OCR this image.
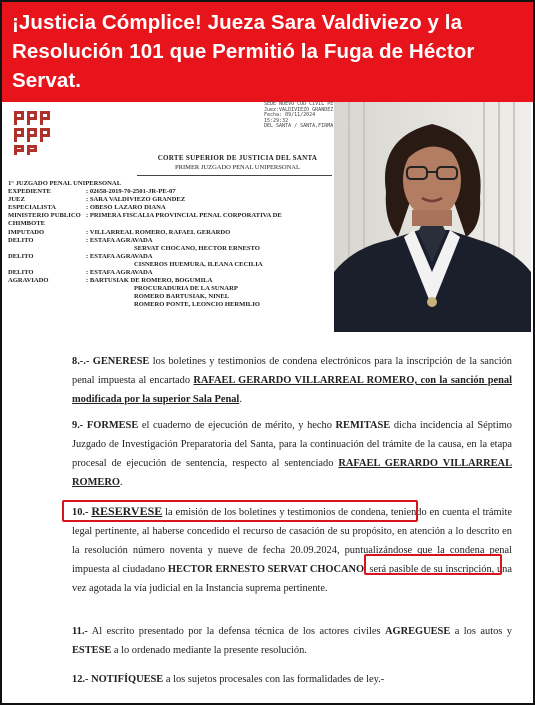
¡Justicia Cómplice! Jueza Sara Valdiviezo y la Resolución 101 que Permitió la Fuga de Héctor Servat.
SEDE NUEVO COD CIVIL PE
Juez:VALDIVIEZO GRANDEZ
Fecha: 09/11/2024 15:29:32
DEL SANTA / SANTA,FIRMA
CORTE SUPERIOR DE JUSTICIA DEL SANTA
PRIMER JUZGADO PENAL UNIPERSONAL
1° JUZGADO PENAL UNIPERSONAL
EXPEDIENTE	: 02658-2019-70-2501-JR-PE-07
JUEZ	: SARA VALDIVIEZO GRANDEZ
ESPECIALISTA	: OBESO LAZARO DIANA
MINISTERIO PUBLICO : PRIMERA FISCALIA PROVINCIAL PENAL CORPORATIVA DE
CHIMBOTE
IMPUTADO	: VILLARREAL ROMERO, RAFAEL GERARDO
DELITO	: ESTAFA AGRAVADA
SERVAT CHOCANO, HECTOR ERNESTO
DELITO	: ESTAFA AGRAVADA
CISNEROS HUEMURA, ILEANA CECILIA
DELITO	: ESTAFA AGRAVADA
AGRAVIADO	: BARTUSIAK DE ROMERO, BOGUMILA
PROCURADURIA DE LA SUNARP
ROMERO BARTUSIAK, NINEL
ROMERO PONTE, LEONCIO HERMILIO
8.-.- GENERESE los boletines y testimonios de condena electrónicos para la inscripción de la sanción penal impuesta al encartado RAFAEL GERARDO VILLARREAL ROMERO, con la sanción penal modificada por la superior Sala Penal.
9.- FORMESE el cuaderno de ejecución de mérito, y hecho REMITASE dicha incidencia al Séptimo Juzgado de Investigación Preparatoria del Santa, para la continuación del trámite de la causa, en la etapa procesal de ejecución de sentencia, respecto al sentenciado RAFAEL GERARDO VILLARREAL ROMERO.
10.- RESERVESE la emisión de los boletines y testimonios de condena, teniendo en cuenta el trámite legal pertinente, al haberse concedido el recurso de casación de su propósito, en atención a lo descrito en la resolución número noventa y nueve de fecha 20.09.2024, puntualizándose que la condena penal impuesta al ciudadano HECTOR ERNESTO SERVAT CHOCANO, será pasible de su inscripción, una vez agotada la vía judicial en la Instancia suprema pertinente.
11.- Al escrito presentado por la defensa técnica de los actores civiles AGREGUESE a los autos y ESTESE a lo ordenado mediante la presente resolución.
12.- NOTIFÍQUESE a los sujetos procesales con las formalidades de ley.-
